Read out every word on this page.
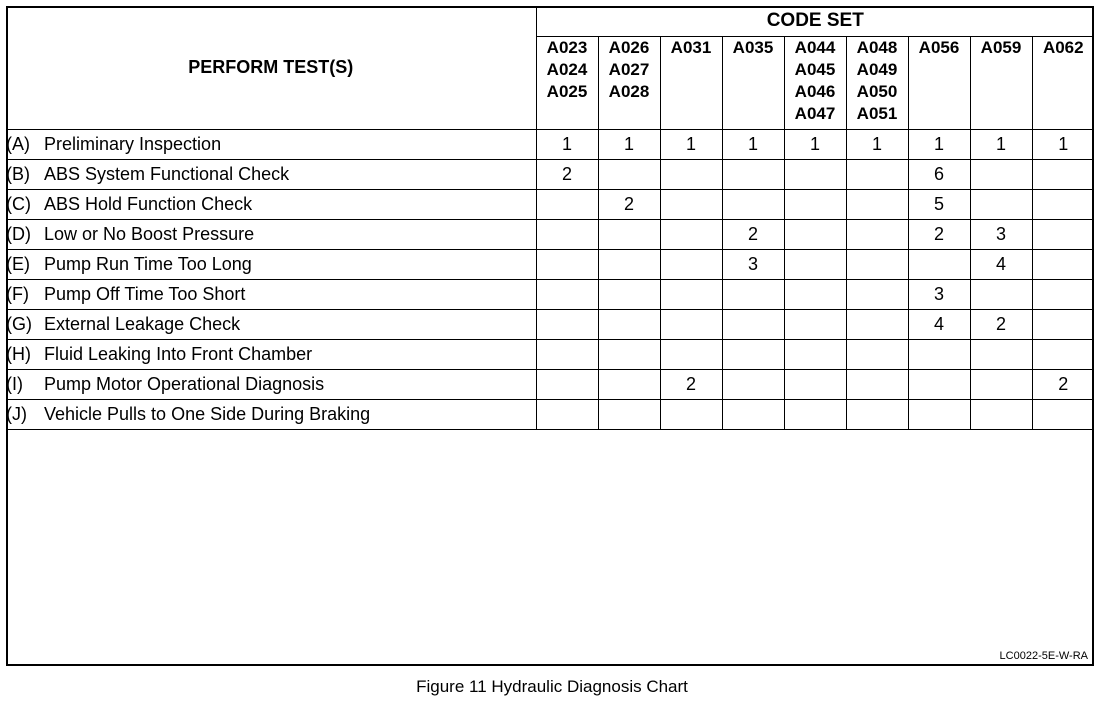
PERFORM TEST(S)	CODE SET								

	A023
A024
A025	A026
A027
A028	A031	A035	A044
A045
A046
A047	A048
A049
A050
A051	A056	A059	A062

(A) Preliminary Inspection	1	1	1	1	1	1	1	1	1
(B) ABS System Functional Check	2						6		
(C) ABS Hold Function Check		2					5		
(D) Low or No Boost Pressure				2			2	3	
(E) Pump Run Time Too Long				3				4	
(F) Pump Off Time Too Short							3		
(G) External Leakage Check							4	2	
(H) Fluid Leaking Into Front Chamber									
(I) Pump Motor Operational Diagnosis			2						2
(J) Vehicle Pulls to One Side During Braking									
LC0022-5E-W-RA
Figure 11 Hydraulic Diagnosis Chart
